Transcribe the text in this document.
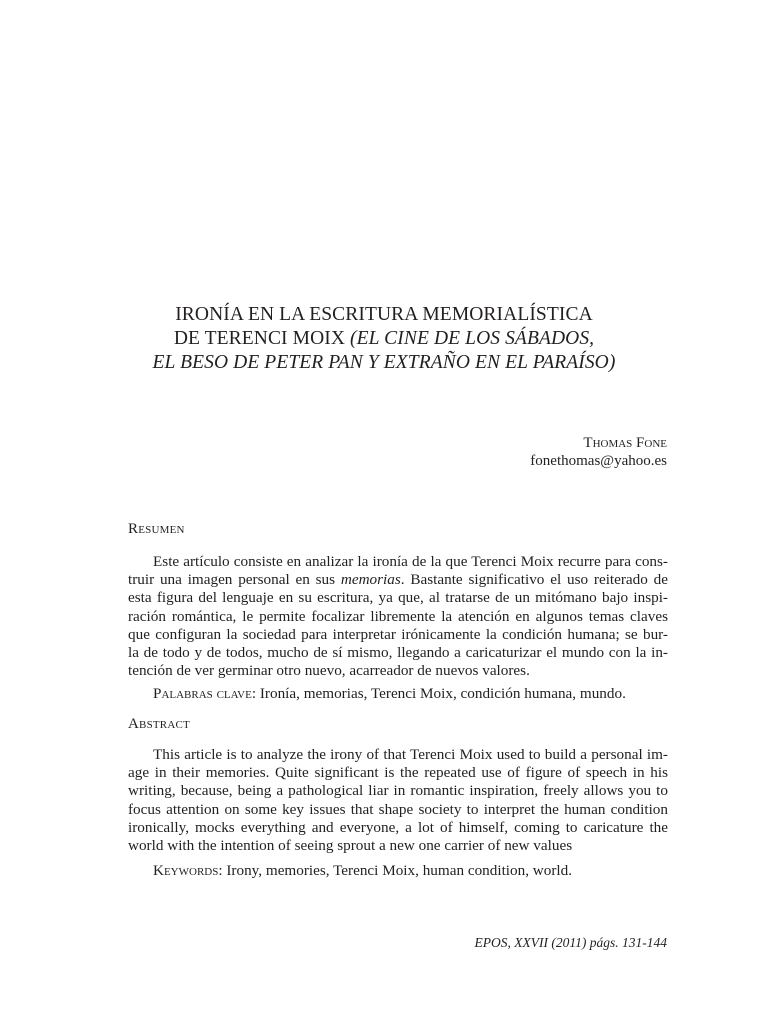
IRONÍA EN LA ESCRITURA MEMORIALÍSTICA
DE TERENCI MOIX (EL CINE DE LOS SÁBADOS,
EL BESO DE PETER PAN Y EXTRAÑO EN EL PARAÍSO)
Thomas Fone
fonethomas@yahoo.es
Resumen
Este artículo consiste en analizar la ironía de la que Terenci Moix recurre para cons-
truir una imagen personal en sus memorias. Bastante significativo el uso reiterado de
esta figura del lenguaje en su escritura, ya que, al tratarse de un mitómano bajo inspi-
ración romántica, le permite focalizar libremente la atención en algunos temas claves
que configuran la sociedad para interpretar irónicamente la condición humana; se bur-
la de todo y de todos, mucho de sí mismo, llegando a caricaturizar el mundo con la in-
tención de ver germinar otro nuevo, acarreador de nuevos valores.
Palabras clave: Ironía, memorias, Terenci Moix, condición humana, mundo.
Abstract
This article is to analyze the irony of that Terenci Moix used to build a personal im-
age in their memories. Quite significant is the repeated use of figure of speech in his
writing, because, being a pathological liar in romantic inspiration, freely allows you to
focus attention on some key issues that shape society to interpret the human condition
ironically, mocks everything and everyone, a lot of himself, coming to caricature the
world with the intention of seeing sprout a new one carrier of new values
Keywords: Irony, memories, Terenci Moix, human condition, world.
EPOS, XXVII (2011) págs. 131-144
